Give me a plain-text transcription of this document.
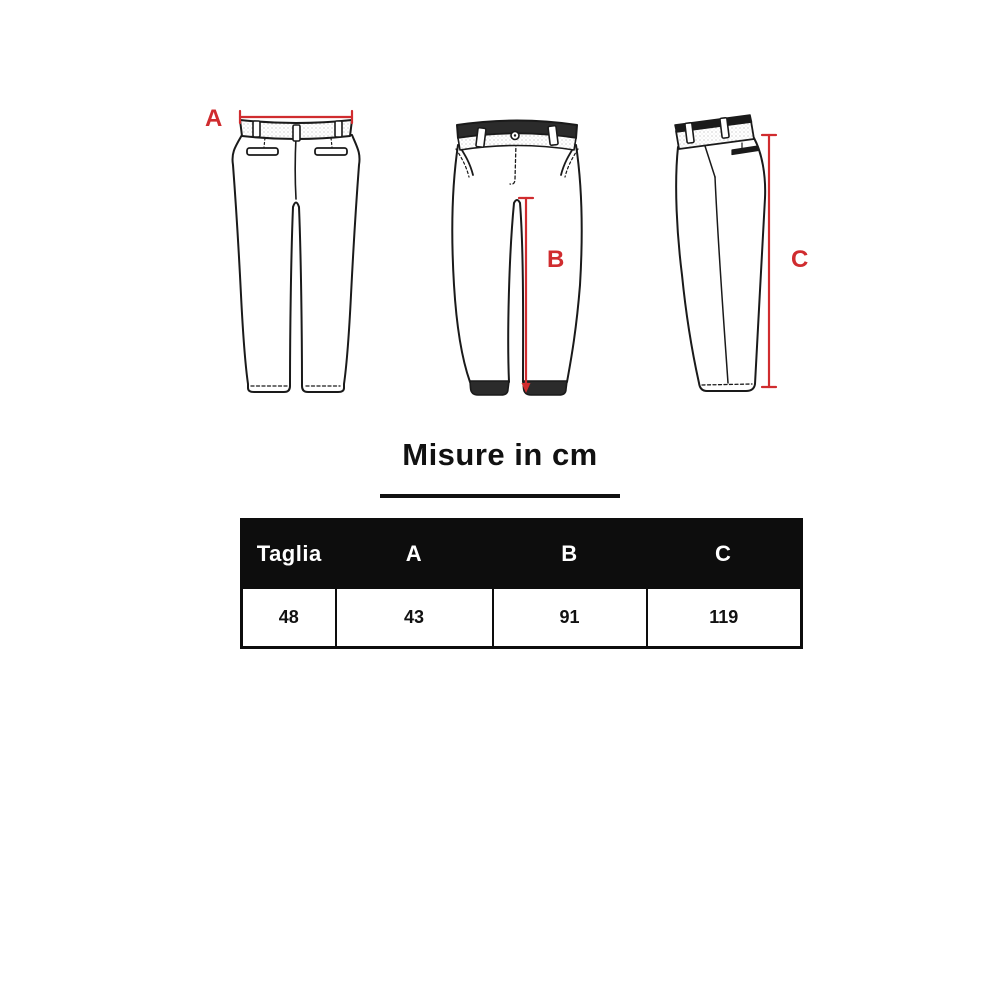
A
B	C

Misure in cm

Taglia	A	B	C
48	43	91	119
